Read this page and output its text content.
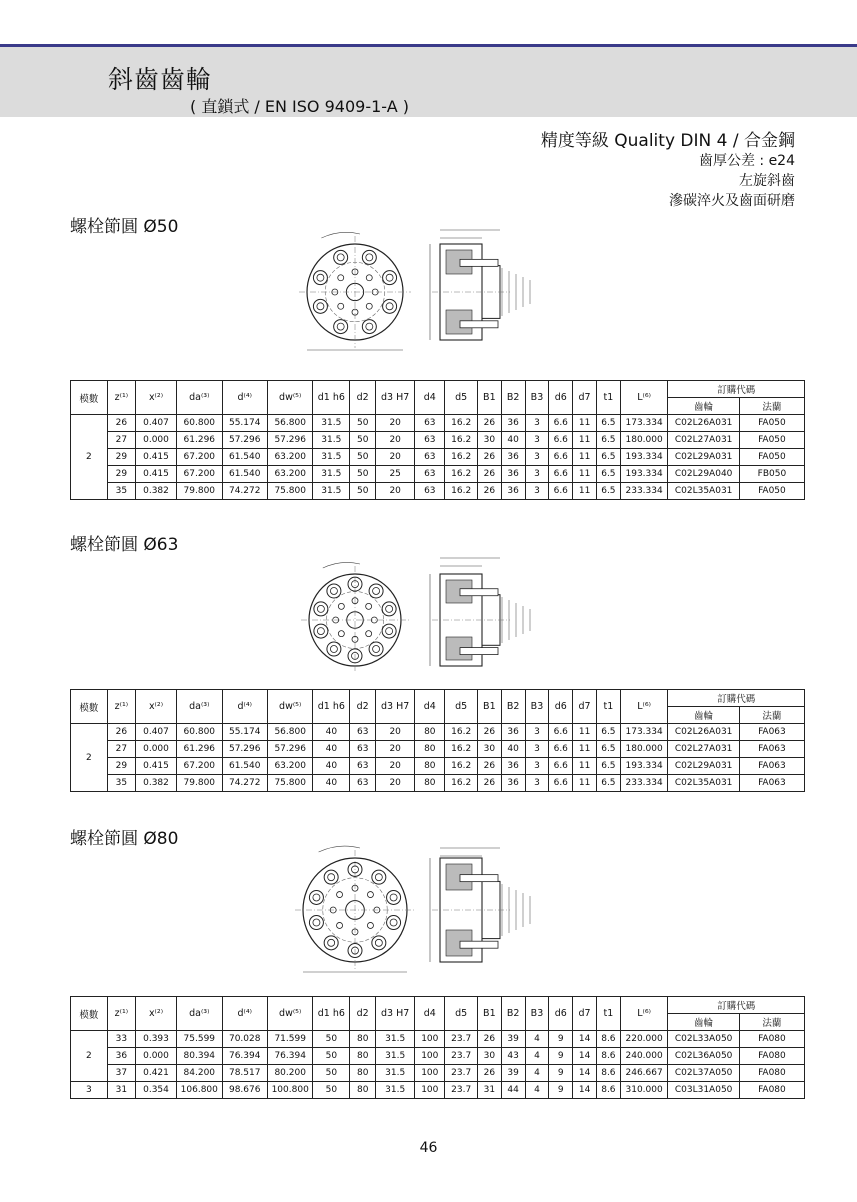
斜齒齒輪
( 直鎖式 / EN ISO 9409-1-A )
精度等級 Quality DIN 4 / 合金鋼
齒厚公差 : e24
左旋斜齒
滲碳淬火及齒面研磨
螺栓節圓 Ø50
模數	z⁽¹⁾	x⁽²⁾	da⁽³⁾	d⁽⁴⁾	dw⁽⁵⁾	d1 h6	d2	d3 H7	d4	d5	B1	B2	B3	d6	d7	t1	L⁽⁶⁾	訂購代碼	
																		齒輪	法蘭
2	26	0.407	60.800	55.174	56.800	31.5	50	20	63	16.2	26	36	3	6.6	11	6.5	173.334	C02L26A031	FA050
	27	0.000	61.296	57.296	57.296	31.5	50	20	63	16.2	30	40	3	6.6	11	6.5	180.000	C02L27A031	FA050
	29	0.415	67.200	61.540	63.200	31.5	50	20	63	16.2	26	36	3	6.6	11	6.5	193.334	C02L29A031	FA050
	29	0.415	67.200	61.540	63.200	31.5	50	25	63	16.2	26	36	3	6.6	11	6.5	193.334	C02L29A040	FB050
	35	0.382	79.800	74.272	75.800	31.5	50	20	63	16.2	26	36	3	6.6	11	6.5	233.334	C02L35A031	FA050
螺栓節圓 Ø63
模數	z⁽¹⁾	x⁽²⁾	da⁽³⁾	d⁽⁴⁾	dw⁽⁵⁾	d1 h6	d2	d3 H7	d4	d5	B1	B2	B3	d6	d7	t1	L⁽⁶⁾	訂購代碼	
																		齒輪	法蘭
2	26	0.407	60.800	55.174	56.800	40	63	20	80	16.2	26	36	3	6.6	11	6.5	173.334	C02L26A031	FA063
	27	0.000	61.296	57.296	57.296	40	63	20	80	16.2	30	40	3	6.6	11	6.5	180.000	C02L27A031	FA063
	29	0.415	67.200	61.540	63.200	40	63	20	80	16.2	26	36	3	6.6	11	6.5	193.334	C02L29A031	FA063
	35	0.382	79.800	74.272	75.800	40	63	20	80	16.2	26	36	3	6.6	11	6.5	233.334	C02L35A031	FA063
螺栓節圓 Ø80
模數	z⁽¹⁾	x⁽²⁾	da⁽³⁾	d⁽⁴⁾	dw⁽⁵⁾	d1 h6	d2	d3 H7	d4	d5	B1	B2	B3	d6	d7	t1	L⁽⁶⁾	訂購代碼	
																		齒輪	法蘭
2	33	0.393	75.599	70.028	71.599	50	80	31.5	100	23.7	26	39	4	9	14	8.6	220.000	C02L33A050	FA080
	36	0.000	80.394	76.394	76.394	50	80	31.5	100	23.7	30	43	4	9	14	8.6	240.000	C02L36A050	FA080
	37	0.421	84.200	78.517	80.200	50	80	31.5	100	23.7	26	39	4	9	14	8.6	246.667	C02L37A050	FA080
3	31	0.354	106.800	98.676	100.800	50	80	31.5	100	23.7	31	44	4	9	14	8.6	310.000	C03L31A050	FA080
46
